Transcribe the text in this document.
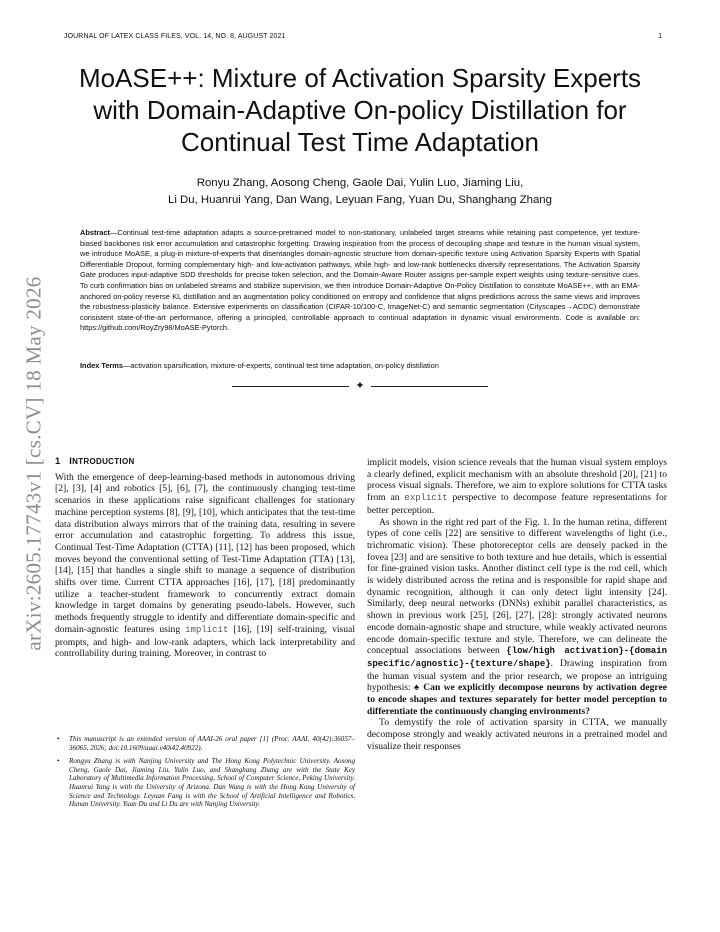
JOURNAL OF LATEX CLASS FILES, VOL. 14, NO. 8, AUGUST 2021	1
arXiv:2605.17743v1 [cs.CV] 18 May 2026
MoASE++: Mixture of Activation Sparsity Experts with Domain-Adaptive On-policy Distillation for Continual Test Time Adaptation
Ronyu Zhang, Aosong Cheng, Gaole Dai, Yulin Luo, Jiaming Liu,
Li Du, Huanrui Yang, Dan Wang, Leyuan Fang, Yuan Du, Shanghang Zhang
Abstract—Continual test-time adaptation adapts a source-pretrained model to non-stationary, unlabeled target streams while retaining past competence, yet texture-biased backbones risk error accumulation and catastrophic forgetting. Drawing inspiration from the process of decoupling shape and texture in the human visual system, we introduce MoASE, a plug-in mixture-of-experts that disentangles domain-agnostic structure from domain-specific texture using Activation Sparsity Experts with Spatial Differentiable Dropout, forming complementary high- and low-activation pathways, while high- and low-rank bottlenecks diversify representations. The Activation Sparsity Gate produces input-adaptive SDD thresholds for precise token selection, and the Domain-Aware Router assigns per-sample expert weights using texture-sensitive cues. To curb confirmation bias on unlabeled streams and stabilize supervision, we then introduce Domain-Adaptive On-Policy Distillation to constitute MoASE++, with an EMA-anchored on-policy reverse KL distillation and an augmentation policy conditioned on entropy and confidence that aligns predictions across the same views and improves the robustness-plasticity balance. Extensive experiments on classification (CIFAR-10/100-C, ImageNet-C) and semantic segmentation (Cityscapes→ACDC) demonstrate consistent state-of-the-art performance, offering a principled, controllable approach to continual adaptation in dynamic visual environments. Code is available on: https://github.com/RoyZry98/MoASE-Pytorch.
Index Terms—activation sparsification, mixture-of-experts, continual test time adaptation, on-policy distillation
✦
1 INTRODUCTION

With the emergence of deep-learning-based methods in autonomous driving [2], [3], [4] and robotics [5], [6], [7], the continuously changing test-time scenarios in these applications raise significant challenges for stationary machine perception systems [8], [9], [10], which anticipates that the test-time data distribution always mirrors that of the training data, resulting in severe error accumulation and catastrophic forgetting. To address this issue, Continual Test-Time Adaptation (CTTA) [11], [12] has been proposed, which moves beyond the conventional setting of Test-Time Adaptation (TTA) [13], [14], [15] that handles a single shift to manage a sequence of distribution shifts over time. Current CTTA approaches [16], [17], [18] predominantly utilize a teacher-student framework to concurrently extract domain knowledge in target domains by generating pseudo-labels. However, such methods frequently struggle to identify and differentiate domain-specific and domain-agnostic features using implicit [16], [19] self-training, visual prompts, and high- and low-rank adapters, which lack interpretability and controllability during training. Moreover, in contrast to

• This manuscript is an extended version of AAAI-26 oral paper [1] (Proc. AAAI, 40(42):36057–36065, 2026; doi:10.1609/aaai.v40i42.40922).
• Rongyu Zhang is with Nanjing University and The Hong Kong Polytechnic University. Aosong Cheng, Gaole Dai, Jiaming Liu, Yulin Luo, and Shanghang Zhang are with the State Key Laboratory of Multimedia Information Processing, School of Computer Science, Peking University. Huanrui Yang is with the University of Arizona. Dan Wang is with the Hong Kong University of Science and Technology. Leyuan Fang is with the School of Artificial Intelligence and Robotics, Hunan University. Yuan Du and Li Du are with Nanjing University.

implicit models, vision science reveals that the human visual system employs a clearly defined, explicit mechanism with an absolute threshold [20], [21] to process visual signals. Therefore, we aim to explore solutions for CTTA tasks from an explicit perspective to decompose feature representations for better perception.

As shown in the right red part of the Fig. 1. In the human retina, different types of cone cells [22] are sensitive to different wavelengths of light (i.e., trichromatic vision). These photoreceptor cells are densely packed in the fovea [23] and are sensitive to both texture and hue details, which is essential for fine-grained vision tasks. Another distinct cell type is the rod cell, which is widely distributed across the retina and is responsible for rapid shape and dynamic recognition, although it can only detect light intensity [24]. Similarly, deep neural networks (DNNs) exhibit parallel characteristics, as shown in previous work [25], [26], [27], [28]: strongly activated neurons encode domain-agnostic shape and structure, while weakly activated neurons encode domain-specific texture and style. Therefore, we can delineate the conceptual associations between {low/high activation}-{domain specific/agnostic}-{texture/shape}. Drawing inspiration from the human visual system and the prior research, we propose an intriguing hypothesis: ♠ Can we explicitly decompose neurons by activation degree to encode shapes and textures separately for better model perception to differentiate the continuously changing environments?

To demystify the role of activation sparsity in CTTA, we manually decompose strongly and weakly activated neurons in a pretrained model and visualize their responses
